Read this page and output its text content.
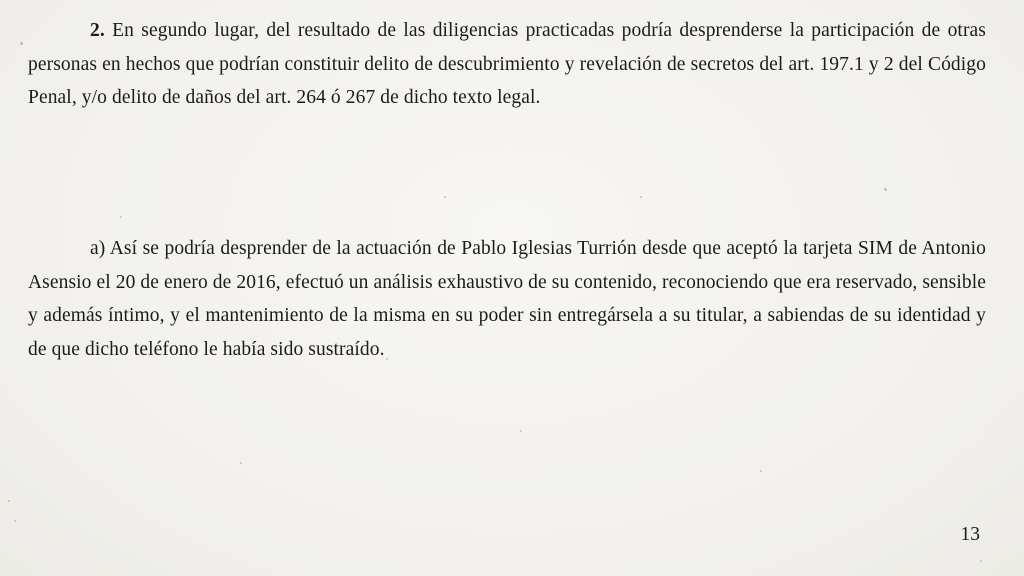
2. En segundo lugar, del resultado de las diligencias practicadas podría desprenderse la participación de otras personas en hechos que podrían constituir delito de descubrimiento y revelación de secretos del art. 197.1 y 2 del Código Penal, y/o delito de daños del art. 264 ó 267 de dicho texto legal.
a) Así se podría desprender de la actuación de Pablo Iglesias Turrión desde que aceptó la tarjeta SIM de Antonio Asensio el 20 de enero de 2016, efectuó un análisis exhaustivo de su contenido, reconociendo que era reservado, sensible y además íntimo, y el mantenimiento de la misma en su poder sin entregársela a su titular, a sabiendas de su identidad y de que dicho teléfono le había sido sustraído.
13
